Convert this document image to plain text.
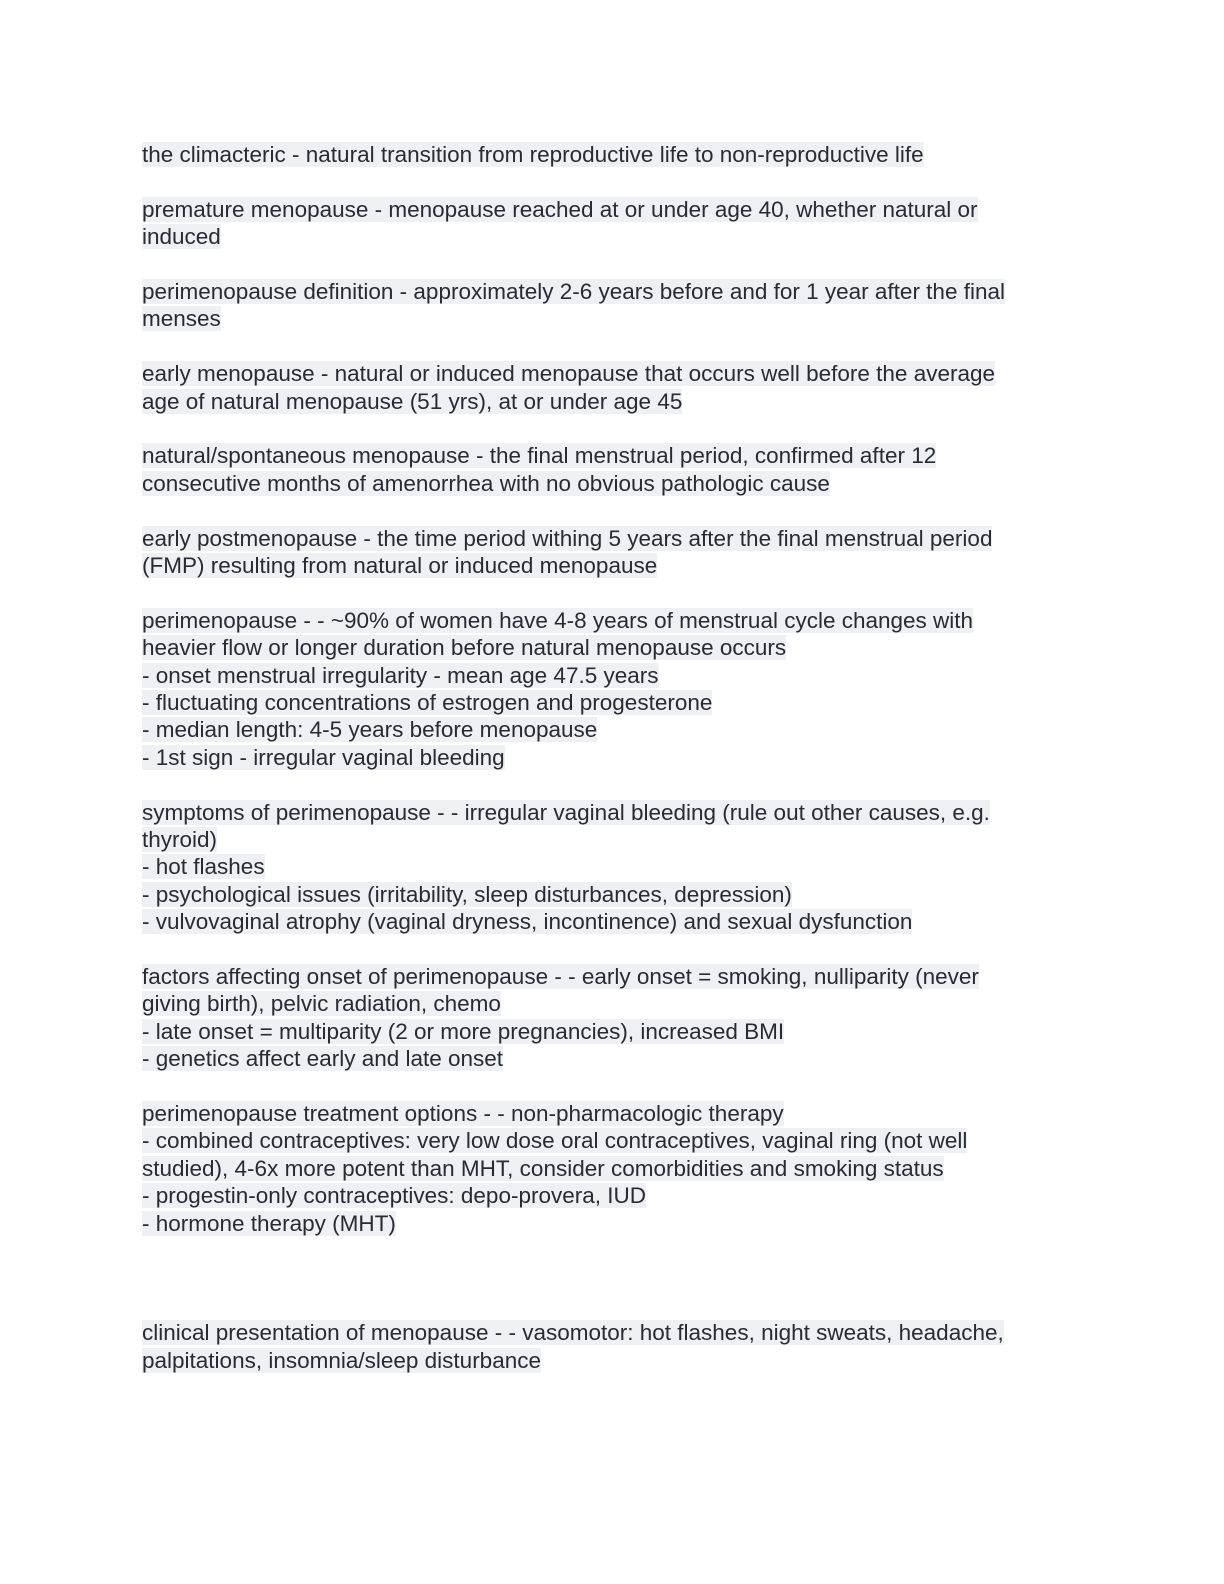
the climacteric - natural transition from reproductive life to non-reproductive life
premature menopause - menopause reached at or under age 40, whether natural or
induced
perimenopause definition - approximately 2-6 years before and for 1 year after the final
menses
early menopause - natural or induced menopause that occurs well before the average
age of natural menopause (51 yrs), at or under age 45
natural/spontaneous menopause - the final menstrual period, confirmed after 12
consecutive months of amenorrhea with no obvious pathologic cause
early postmenopause - the time period withing 5 years after the final menstrual period
(FMP) resulting from natural or induced menopause
perimenopause - - ~90% of women have 4-8 years of menstrual cycle changes with
heavier flow or longer duration before natural menopause occurs
- onset menstrual irregularity - mean age 47.5 years
- fluctuating concentrations of estrogen and progesterone
- median length: 4-5 years before menopause
- 1st sign - irregular vaginal bleeding
symptoms of perimenopause - - irregular vaginal bleeding (rule out other causes, e.g.
thyroid)
- hot flashes
- psychological issues (irritability, sleep disturbances, depression)
- vulvovaginal atrophy (vaginal dryness, incontinence) and sexual dysfunction
factors affecting onset of perimenopause - - early onset = smoking, nulliparity (never
giving birth), pelvic radiation, chemo
- late onset = multiparity (2 or more pregnancies), increased BMI
- genetics affect early and late onset
perimenopause treatment options - - non-pharmacologic therapy
- combined contraceptives: very low dose oral contraceptives, vaginal ring (not well
studied), 4-6x more potent than MHT, consider comorbidities and smoking status
- progestin-only contraceptives: depo-provera, IUD
- hormone therapy (MHT)
clinical presentation of menopause - - vasomotor: hot flashes, night sweats, headache,
palpitations, insomnia/sleep disturbance
